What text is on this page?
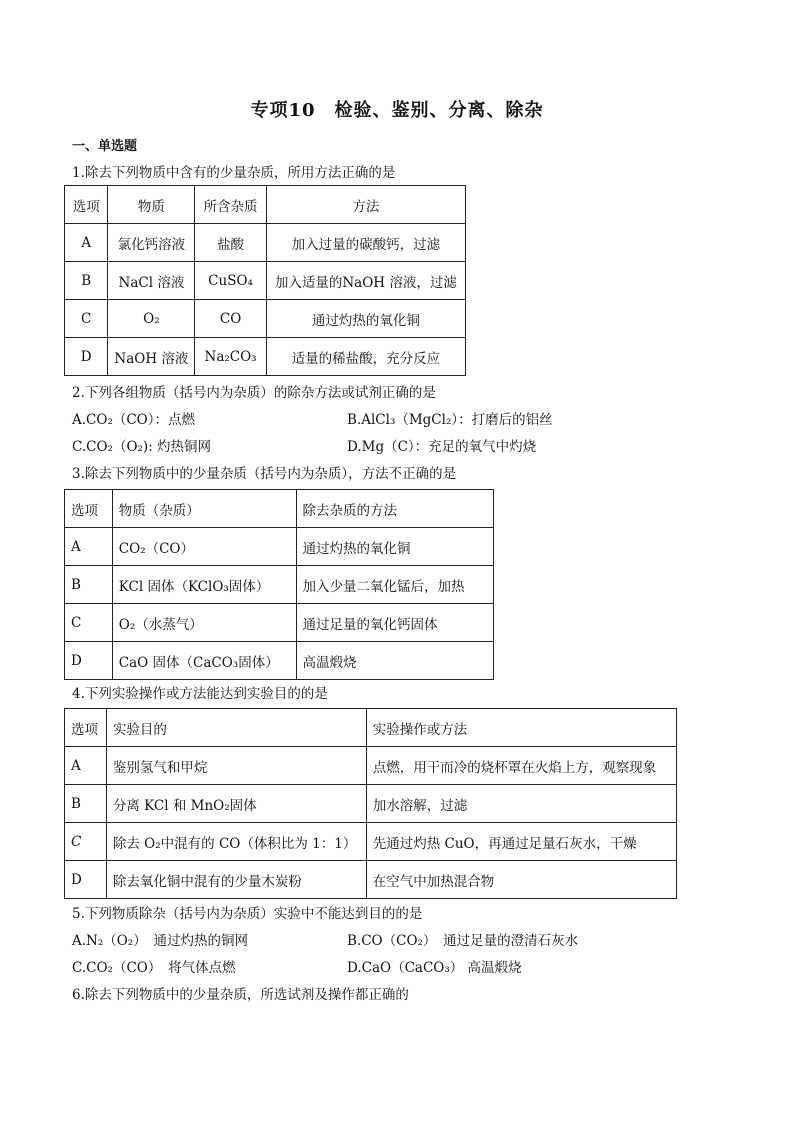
专项10　检验、鉴别、分离、除杂
一、单选题
1.除去下列物质中含有的少量杂质，所用方法正确的是
选项	物质	所含杂质	方法
A	氯化钙溶液	盐酸	加入过量的碳酸钙，过滤
B	NaCl 溶液	CuSO₄	加入适量的NaOH 溶液，过滤
C	O₂	CO	通过灼热的氧化铜
D	NaOH 溶液	Na₂CO₃	适量的稀盐酸，充分反应
2.下列各组物质（括号内为杂质）的除杂方法或试剂正确的是
A.CO₂（CO）：点燃	B.AlCl₃（MgCl₂）：打磨后的铝丝
C.CO₂（O₂): 灼热铜网	D.Mg（C）：充足的氧气中灼烧
3.除去下列物质中的少量杂质（括号内为杂质），方法不正确的是
选项	物质（杂质）	除去杂质的方法
A	CO₂（CO）	通过灼热的氧化铜
B	KCl 固体（KClO₃固体）	加入少量二氧化锰后，加热
C	O₂（水蒸气）	通过足量的氧化钙固体
D	CaO 固体（CaCO₃固体）	高温煅烧
4.下列实验操作或方法能达到实验目的的是
选项	实验目的	实验操作或方法
A	鉴别氢气和甲烷	点燃，用干而冷的烧杯罩在火焰上方，观察现象
B	分离 KCl 和 MnO₂固体	加水溶解，过滤
C	除去 O₂中混有的 CO（体积比为 1：1）	先通过灼热 CuO，再通过足量石灰水，干燥
D	除去氧化铜中混有的少量木炭粉	在空气中加热混合物
5.下列物质除杂（括号内为杂质）实验中不能达到目的的是
A.N₂（O₂）　通过灼热的铜网	B.CO（CO₂）　通过足量的澄清石灰水
C.CO₂（CO）　将气体点燃	D.CaO（CaCO₃） 高温煅烧
6.除去下列物质中的少量杂质，所选试剂及操作都正确的
